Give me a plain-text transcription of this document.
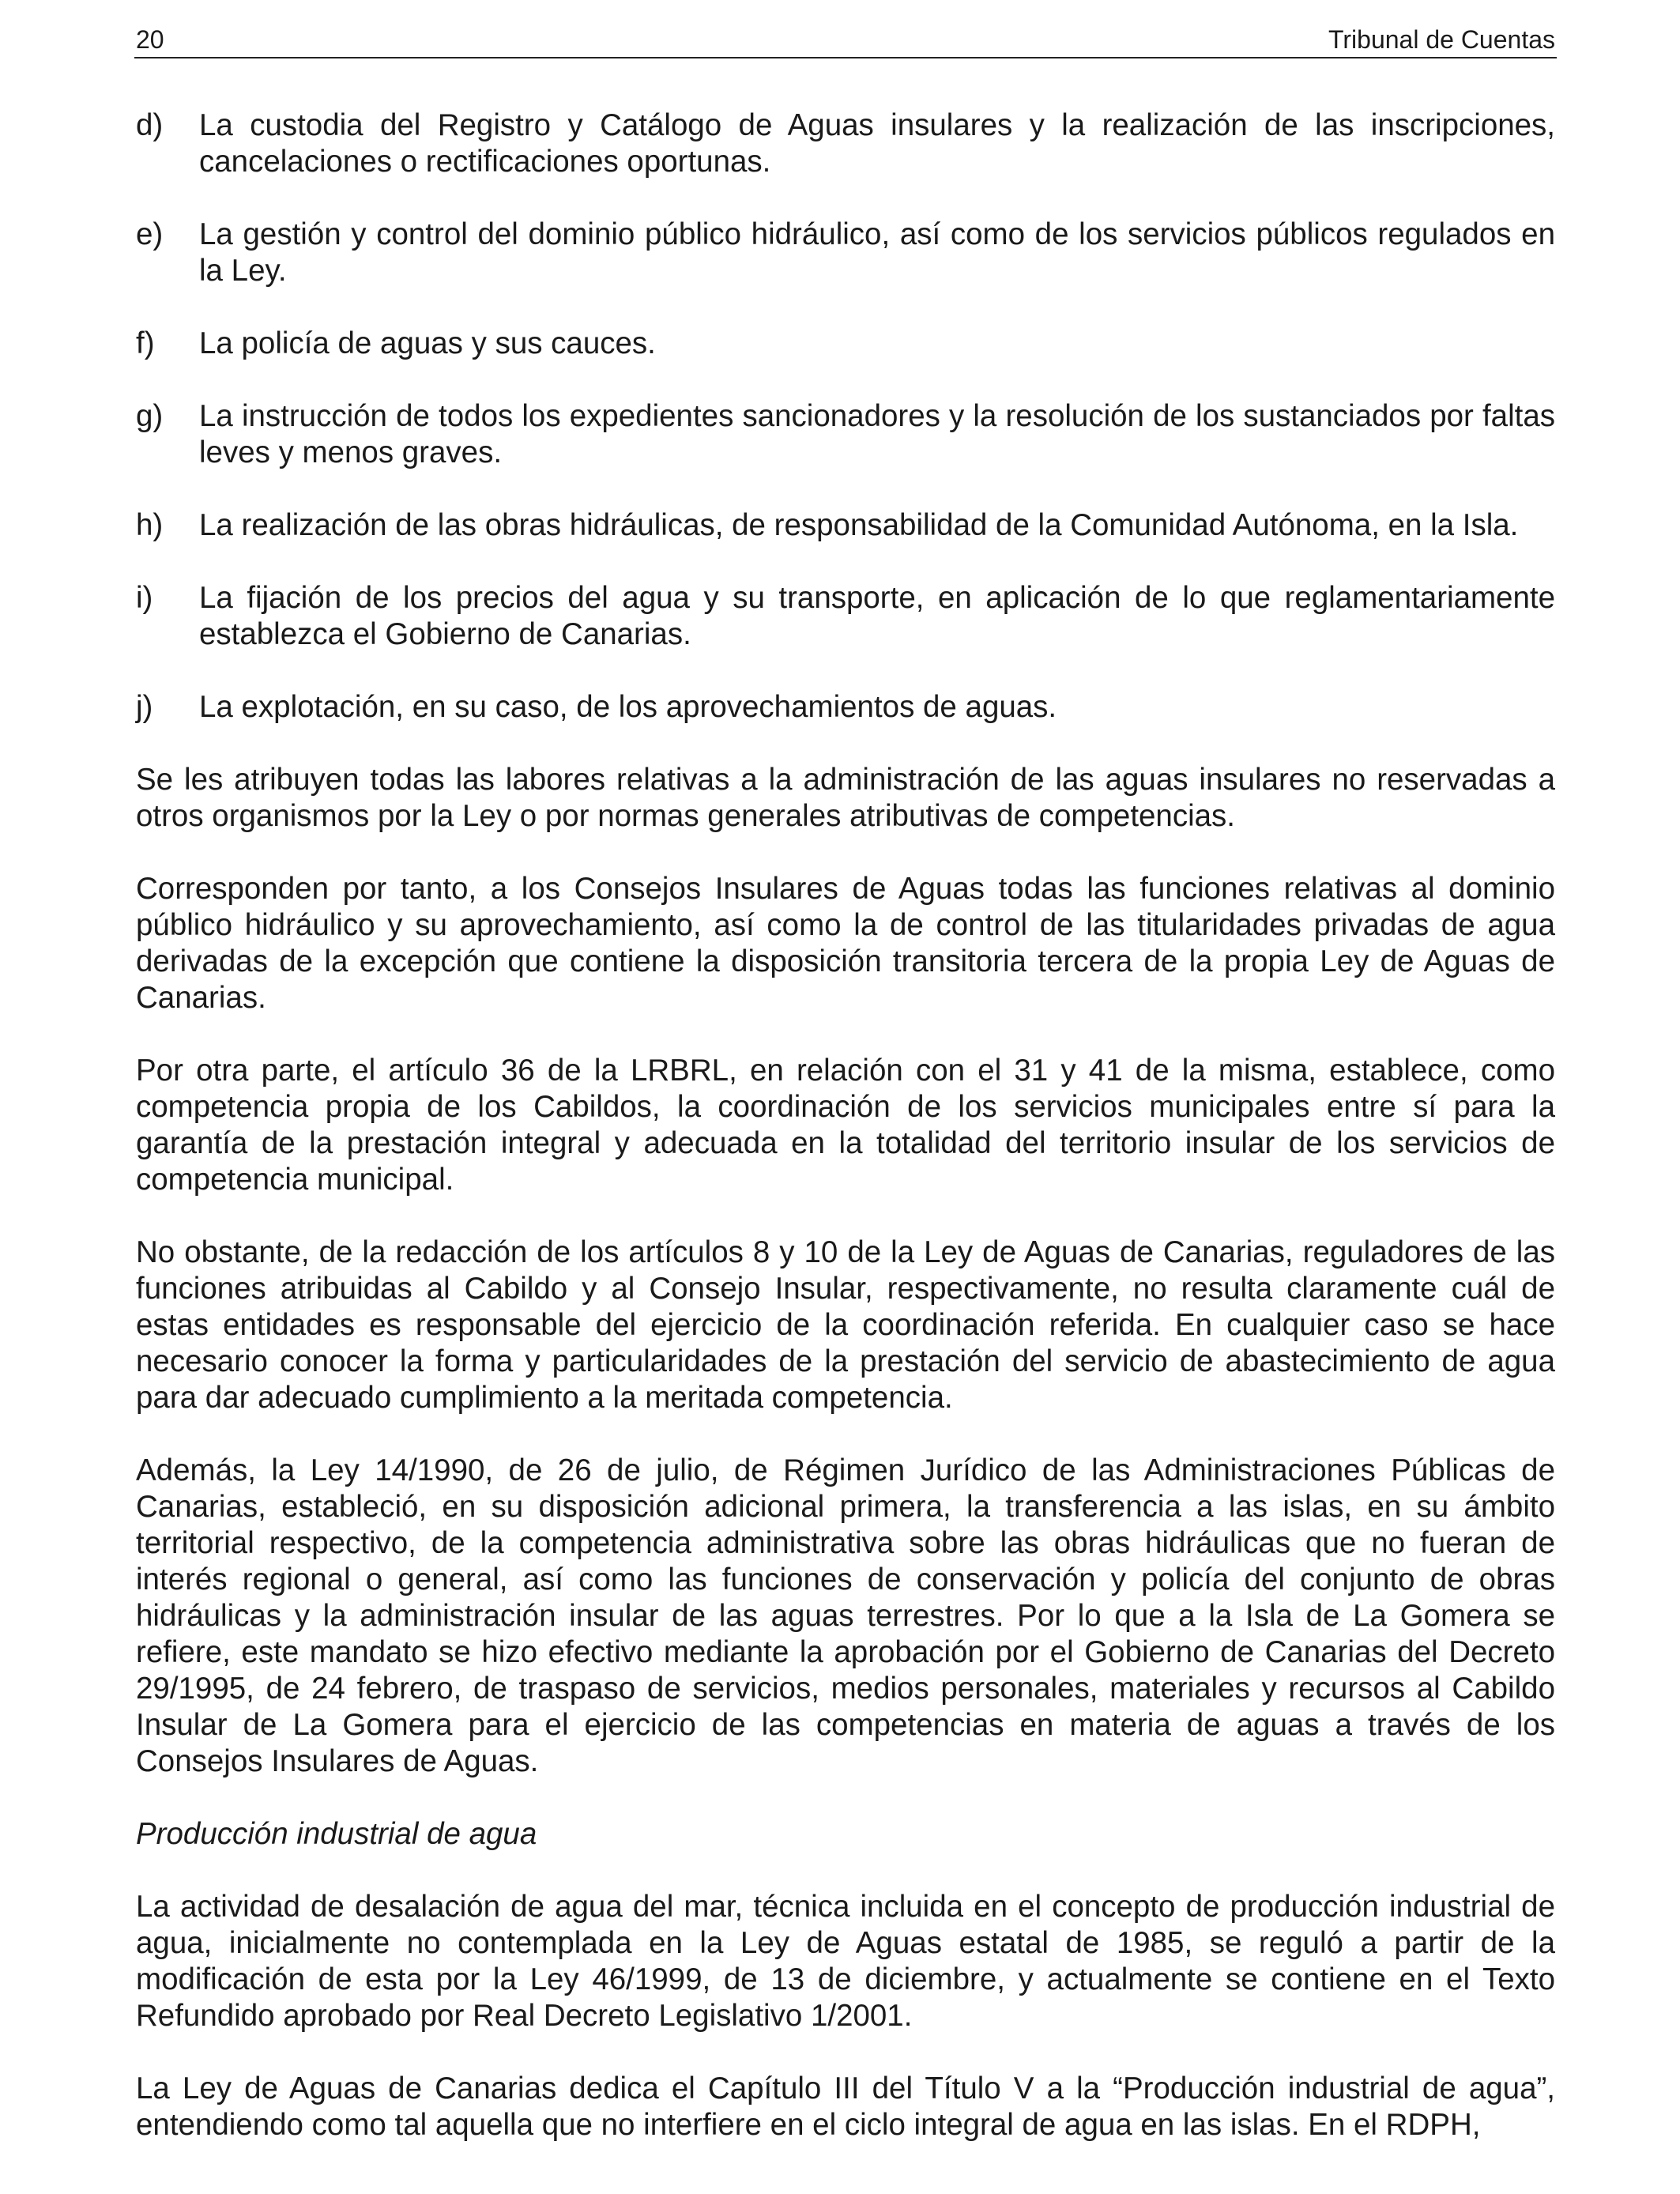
20	Tribunal de Cuentas
d) La custodia del Registro y Catálogo de Aguas insulares y la realización de las inscripciones, cancelaciones o rectificaciones oportunas.
e) La gestión y control del dominio público hidráulico, así como de los servicios públicos regulados en la Ley.
f) La policía de aguas y sus cauces.
g) La instrucción de todos los expedientes sancionadores y la resolución de los sustanciados por faltas leves y menos graves.
h) La realización de las obras hidráulicas, de responsabilidad de la Comunidad Autónoma, en la Isla.
i) La fijación de los precios del agua y su transporte, en aplicación de lo que reglamentariamente establezca el Gobierno de Canarias.
j) La explotación, en su caso, de los aprovechamientos de aguas.

Se les atribuyen todas las labores relativas a la administración de las aguas insulares no reservadas a otros organismos por la Ley o por normas generales atributivas de competencias.

Corresponden por tanto, a los Consejos Insulares de Aguas todas las funciones relativas al dominio público hidráulico y su aprovechamiento, así como la de control de las titularidades privadas de agua derivadas de la excepción que contiene la disposición transitoria tercera de la propia Ley de Aguas de Canarias.

Por otra parte, el artículo 36 de la LRBRL, en relación con el 31 y 41 de la misma, establece, como competencia propia de los Cabildos, la coordinación de los servicios municipales entre sí para la garantía de la prestación integral y adecuada en la totalidad del territorio insular de los servicios de competencia municipal.

No obstante, de la redacción de los artículos 8 y 10 de la Ley de Aguas de Canarias, reguladores de las funciones atribuidas al Cabildo y al Consejo Insular, respectivamente, no resulta claramente cuál de estas entidades es responsable del ejercicio de la coordinación referida. En cualquier caso se hace necesario conocer la forma y particularidades de la prestación del servicio de abastecimiento de agua para dar adecuado cumplimiento a la meritada competencia.

Además, la Ley 14/1990, de 26 de julio, de Régimen Jurídico de las Administraciones Públicas de Canarias, estableció, en su disposición adicional primera, la transferencia a las islas, en su ámbito territorial respectivo, de la competencia administrativa sobre las obras hidráulicas que no fueran de interés regional o general, así como las funciones de conservación y policía del conjunto de obras hidráulicas y la administración insular de las aguas terrestres. Por lo que a la Isla de La Gomera se refiere, este mandato se hizo efectivo mediante la aprobación por el Gobierno de Canarias del Decreto 29/1995, de 24 febrero, de traspaso de servicios, medios personales, materiales y recursos al Cabildo Insular de La Gomera para el ejercicio de las competencias en materia de aguas a través de los Consejos Insulares de Aguas.

Producción industrial de agua

La actividad de desalación de agua del mar, técnica incluida en el concepto de producción industrial de agua, inicialmente no contemplada en la Ley de Aguas estatal de 1985, se reguló a partir de la modificación de esta por la Ley 46/1999, de 13 de diciembre, y actualmente se contiene en el Texto Refundido aprobado por Real Decreto Legislativo 1/2001.

La Ley de Aguas de Canarias dedica el Capítulo III del Título V a la “Producción industrial de agua”, entendiendo como tal aquella que no interfiere en el ciclo integral de agua en las islas. En el RDPH,
